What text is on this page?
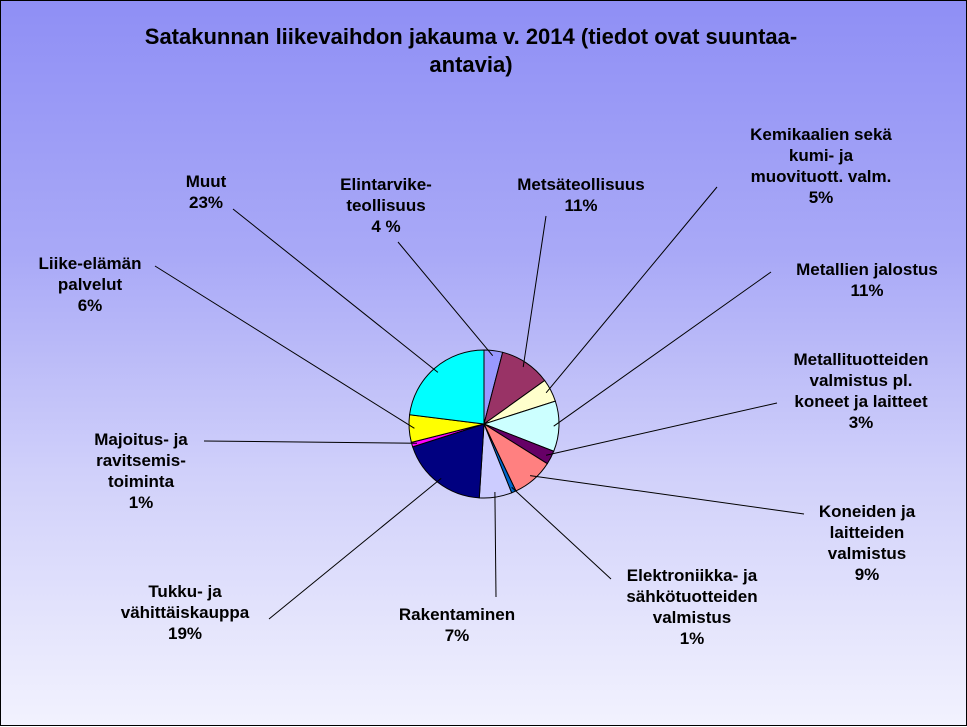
Satakunnan liikevaihdon jakauma v. 2014 (tiedot ovat suuntaa-
antavia)
Elintarvike-
teollisuus
4 %
Metsäteollisuus
11%
Kemikaalien sekä
kumi- ja
muovituott. valm.
5%
Metallien jalostus
11%
Metallituotteiden
valmistus pl.
koneet ja laitteet
3%
Koneiden ja
laitteiden
valmistus
9%
Elektroniikka- ja
sähkötuotteiden
valmistus
1%
Rakentaminen
7%
Tukku- ja
vähittäiskauppa
19%
Majoitus- ja
ravitsemis-
toiminta
1%
Liike-elämän
palvelut
6%
Muut
23%
